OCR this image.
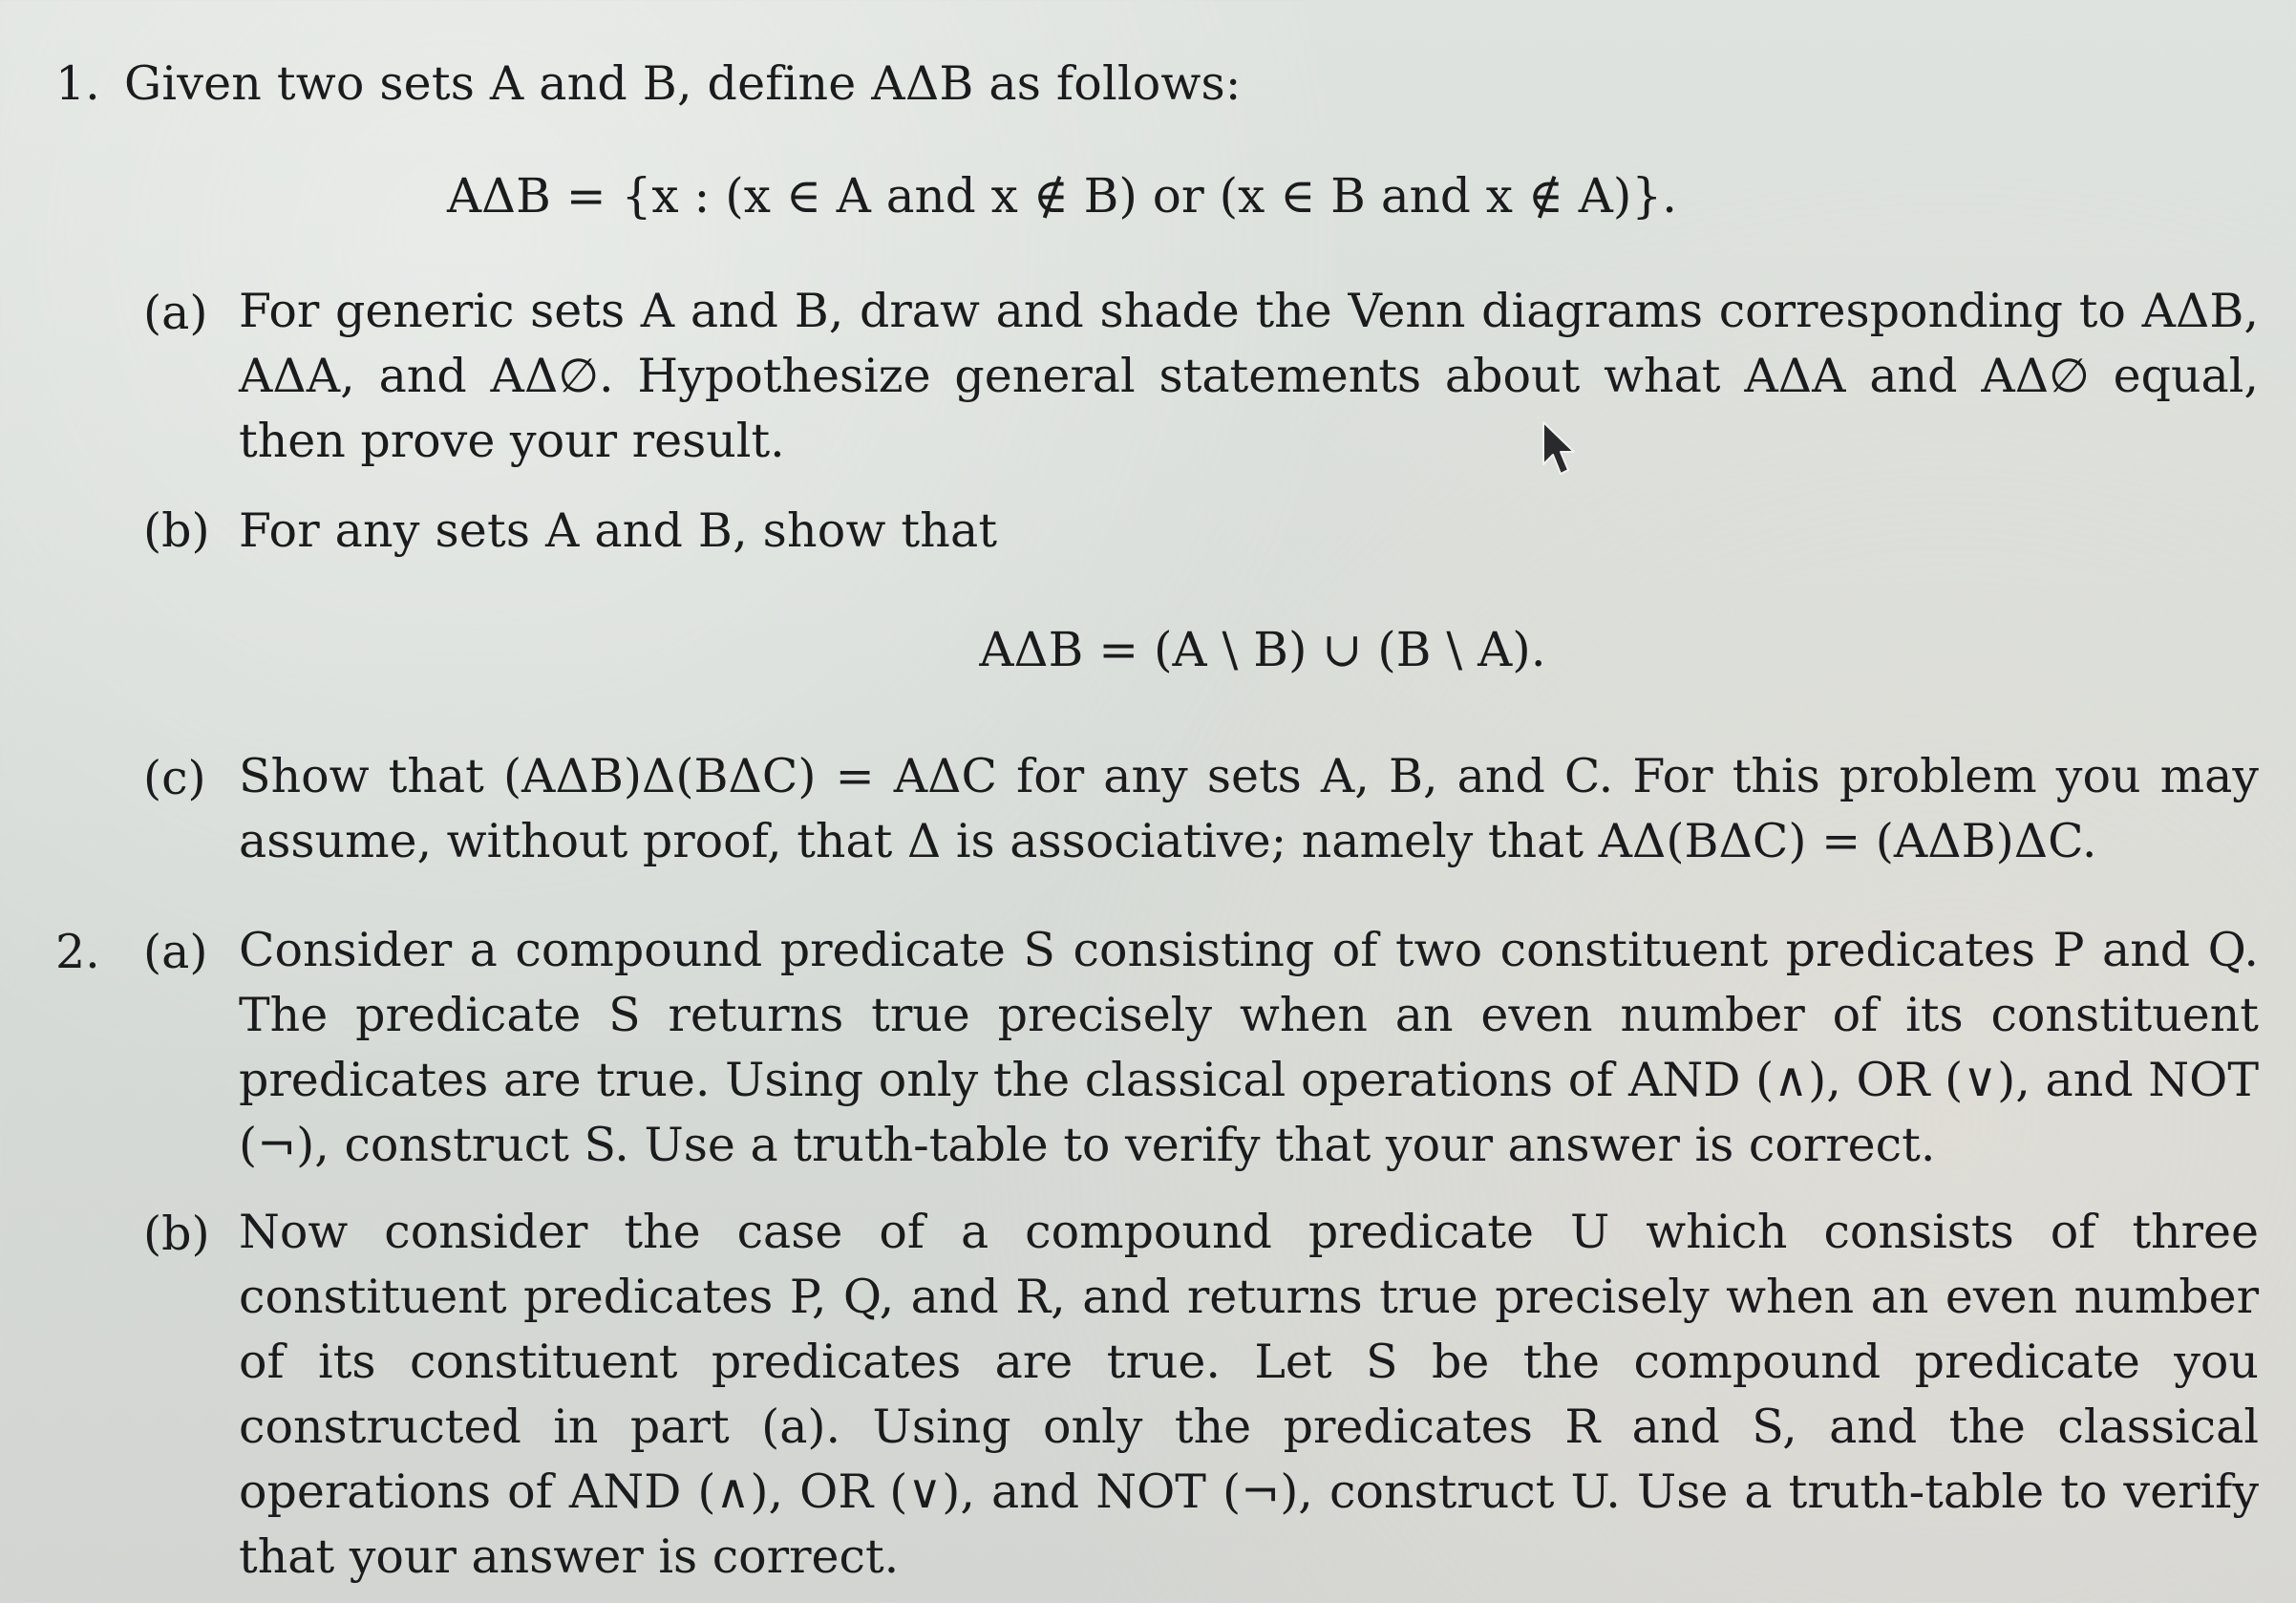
1. Given two sets A and B, define AΔB as follows:
AΔB = {x : (x ∈ A and x ∉ B) or (x ∈ B and x ∉ A)}.
(a) For generic sets A and B, draw and shade the Venn diagrams corresponding to AΔB, AΔA, and AΔ∅. Hypothesize general statements about what AΔA and AΔ∅ equal, then prove your result.
(b) For any sets A and B, show that
AΔB = (A \ B) ∪ (B \ A).
(c) Show that (AΔB)Δ(BΔC) = AΔC for any sets A, B, and C. For this problem you may assume, without proof, that Δ is associative; namely that AΔ(BΔC) = (AΔB)ΔC.
2. (a) Consider a compound predicate S consisting of two constituent predicates P and Q. The predicate S returns true precisely when an even number of its constituent predicates are true. Using only the classical operations of AND (∧), OR (∨), and NOT (¬), construct S. Use a truth-table to verify that your answer is correct.
(b) Now consider the case of a compound predicate U which consists of three constituent predicates P, Q, and R, and returns true precisely when an even number of its constituent predicates are true. Let S be the compound predicate you constructed in part (a). Using only the predicates R and S, and the classical operations of AND (∧), OR (∨), and NOT (¬), construct U. Use a truth-table to verify that your answer is correct.
